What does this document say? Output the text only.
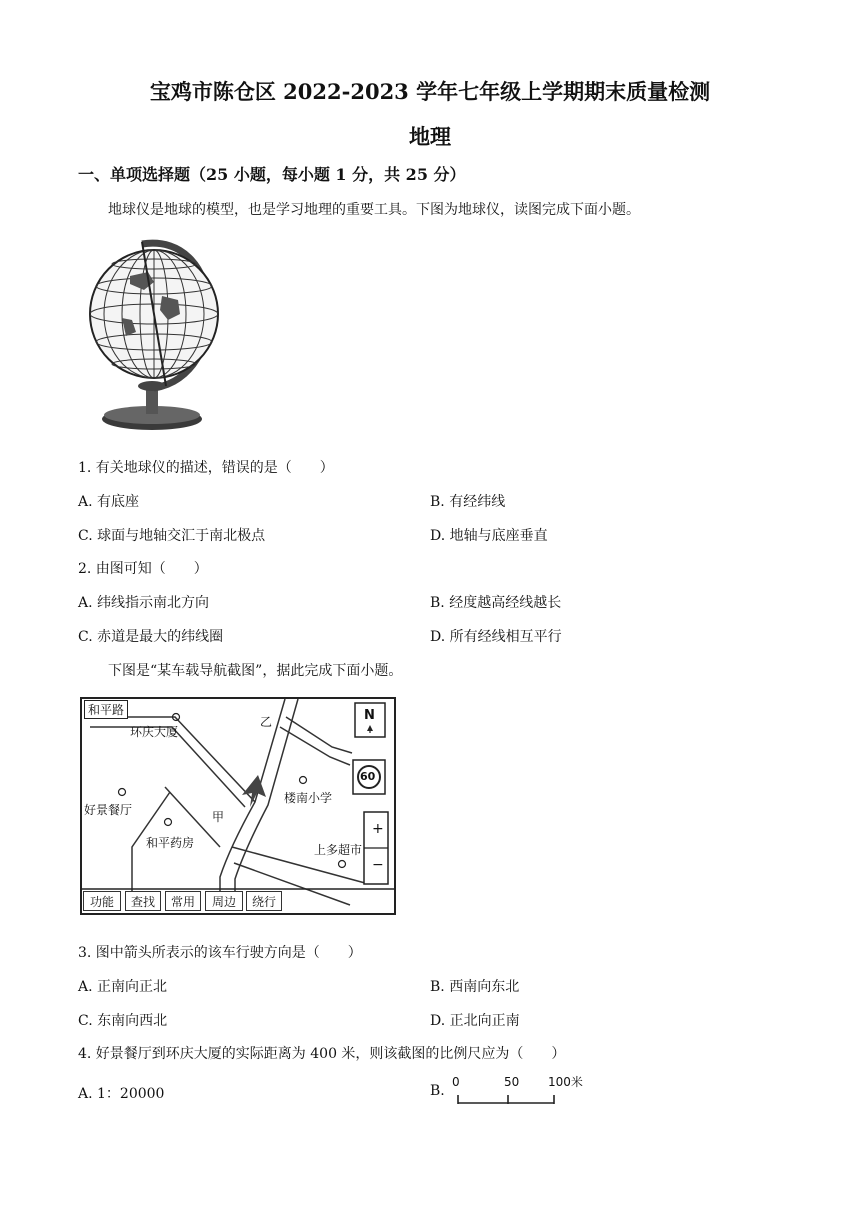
宝鸡市陈仓区 2022-2023 学年七年级上学期期末质量检测
地理
一、单项选择题（25 小题，每小题 1 分，共 25 分）
地球仪是地球的模型，也是学习地理的重要工具。下图为地球仪，读图完成下面小题。
1. 有关地球仪的描述，错误的是（　　）
A. 有底座	B. 有经纬线
C. 球面与地轴交汇于南北极点	D. 地轴与底座垂直
2. 由图可知（　　）
A. 纬线指示南北方向	B. 经度越高经线越长
C. 赤道是最大的纬线圈	D. 所有经线相互平行
下图是“某车载导航截图”，据此完成下面小题。
和平路
环庆大厦
好景餐厅
和平药房
楼南小学
上多超市
甲
乙	N
60
+
−
功能	查找	常用	周边	绕行
3. 图中箭头所表示的该车行驶方向是（　　）
A. 正南向正北	B. 西南向东北
C. 东南向西北	D. 正北向正南
4. 好景餐厅到环庆大厦的实际距离为 400 米，则该截图的比例尺应为（　　）
A. 1：20000	B.
0	50 100米
